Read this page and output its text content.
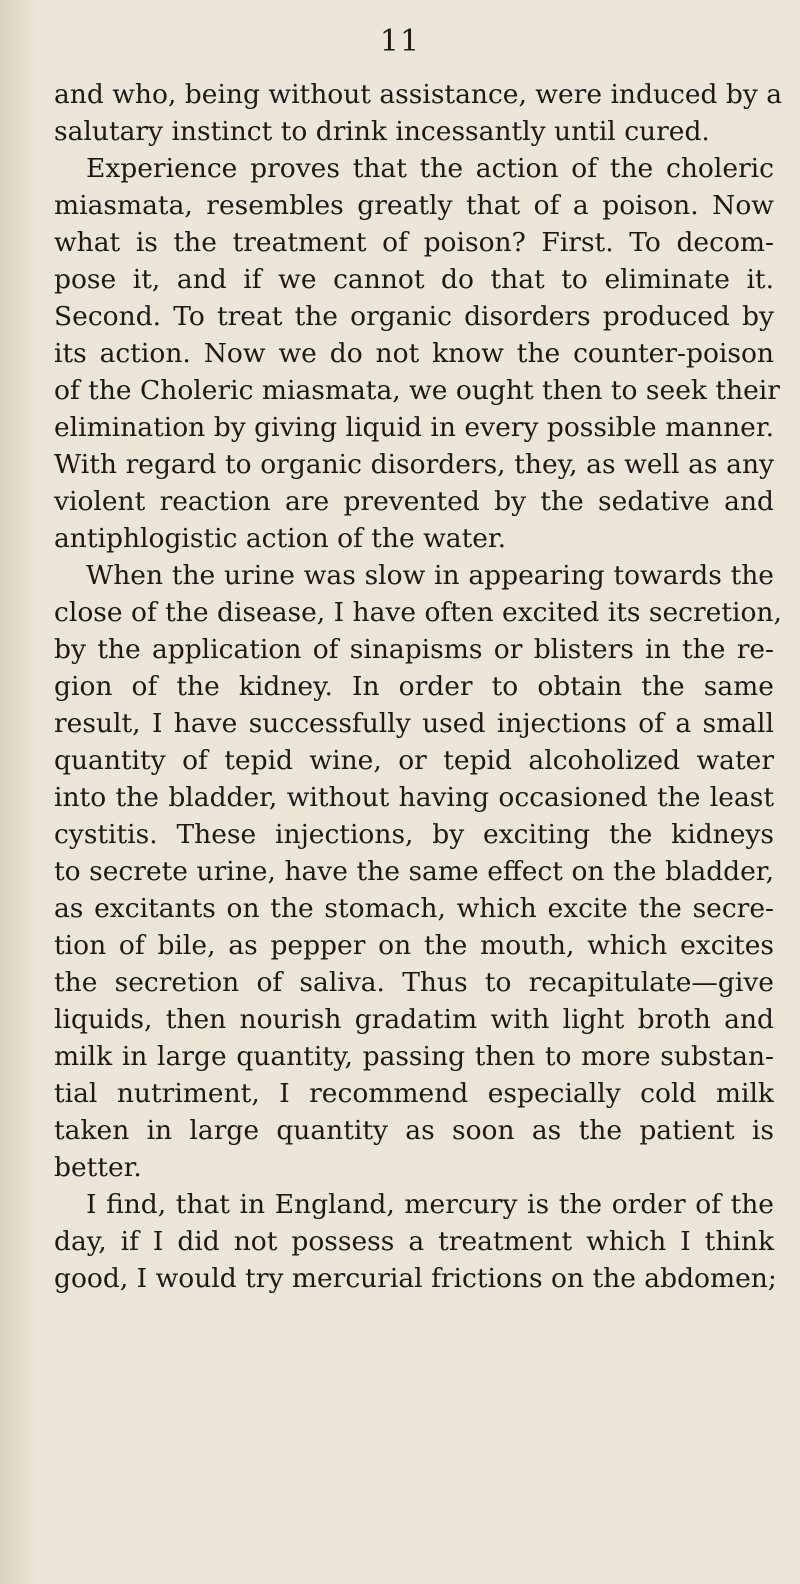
11
and who, being without assistance, were induced by a
salutary instinct to drink incessantly until cured.
Experience proves that the action of the choleric
miasmata, resembles greatly that of a poison. Now
what is the treatment of poison? First. To decom-
pose it, and if we cannot do that to eliminate it.
Second. To treat the organic disorders produced by
its action. Now we do not know the counter-poison
of the Choleric miasmata, we ought then to seek their
elimination by giving liquid in every possible manner.
With regard to organic disorders, they, as well as any
violent reaction are prevented by the sedative and
antiphlogistic action of the water.
When the urine was slow in appearing towards the
close of the disease, I have often excited its secretion,
by the application of sinapisms or blisters in the re-
gion of the kidney. In order to obtain the same
result, I have successfully used injections of a small
quantity of tepid wine, or tepid alcoholized water
into the bladder, without having occasioned the least
cystitis. These injections, by exciting the kidneys
to secrete urine, have the same effect on the bladder,
as excitants on the stomach, which excite the secre-
tion of bile, as pepper on the mouth, which excites
the secretion of saliva. Thus to recapitulate—give
liquids, then nourish gradatim with light broth and
milk in large quantity, passing then to more substan-
tial nutriment, I recommend especially cold milk
taken in large quantity as soon as the patient is
better.
I find, that in England, mercury is the order of the
day, if I did not possess a treatment which I think
good, I would try mercurial frictions on the abdomen;
